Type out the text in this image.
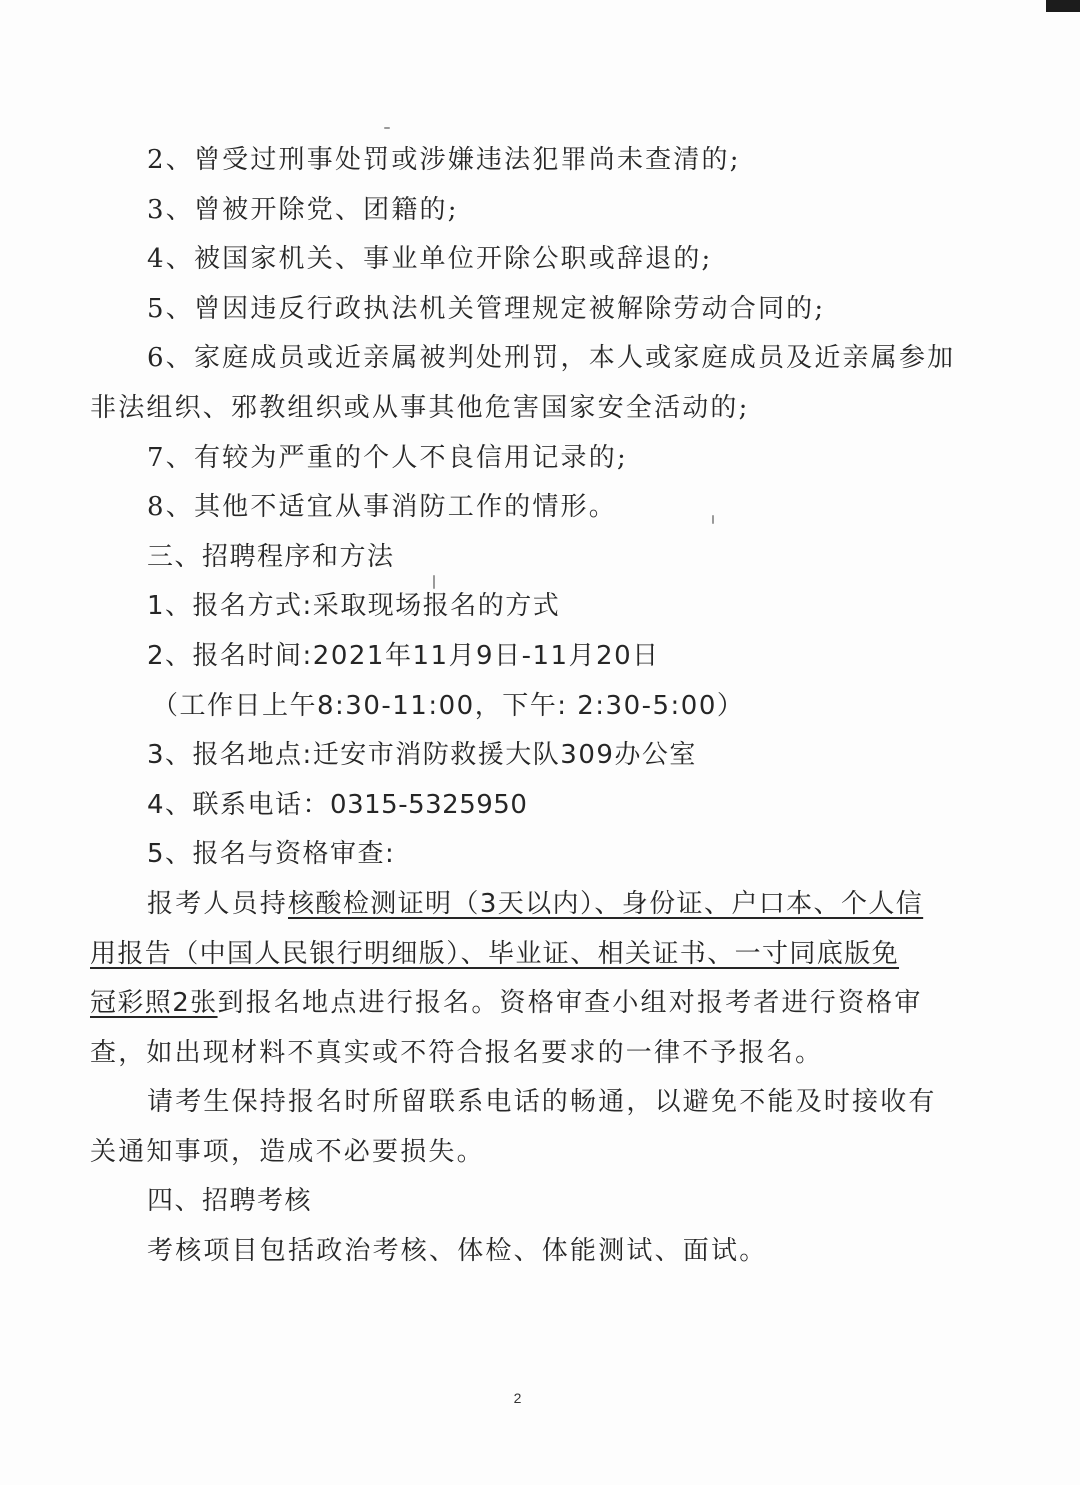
2、曾受过刑事处罚或涉嫌违法犯罪尚未查清的;
3、曾被开除党、团籍的;
4、被国家机关、事业单位开除公职或辞退的;
5、曾因违反行政执法机关管理规定被解除劳动合同的;
6、家庭成员或近亲属被判处刑罚，本人或家庭成员及近亲属参加
非法组织、邪教组织或从事其他危害国家安全活动的;
7、有较为严重的个人不良信用记录的;
8、其他不适宜从事消防工作的情形。
三、招聘程序和方法
1、报名方式:采取现场报名的方式
2、报名时间:2021年11月9日-11月20日
（工作日上午8:30-11:00，下午: 2:30-5:00）
3、报名地点:迁安市消防救援大队309办公室
4、联系电话：0315-5325950
5、报名与资格审查:
报考人员持核酸检测证明（3天以内）、身份证、户口本、个人信
用报告（中国人民银行明细版）、毕业证、相关证书、一寸同底版免
冠彩照2张到报名地点进行报名。资格审查小组对报考者进行资格审
查，如出现材料不真实或不符合报名要求的一律不予报名。
请考生保持报名时所留联系电话的畅通，以避免不能及时接收有
关通知事项，造成不必要损失。
四、招聘考核
考核项目包括政治考核、体检、体能测试、面试。
2
